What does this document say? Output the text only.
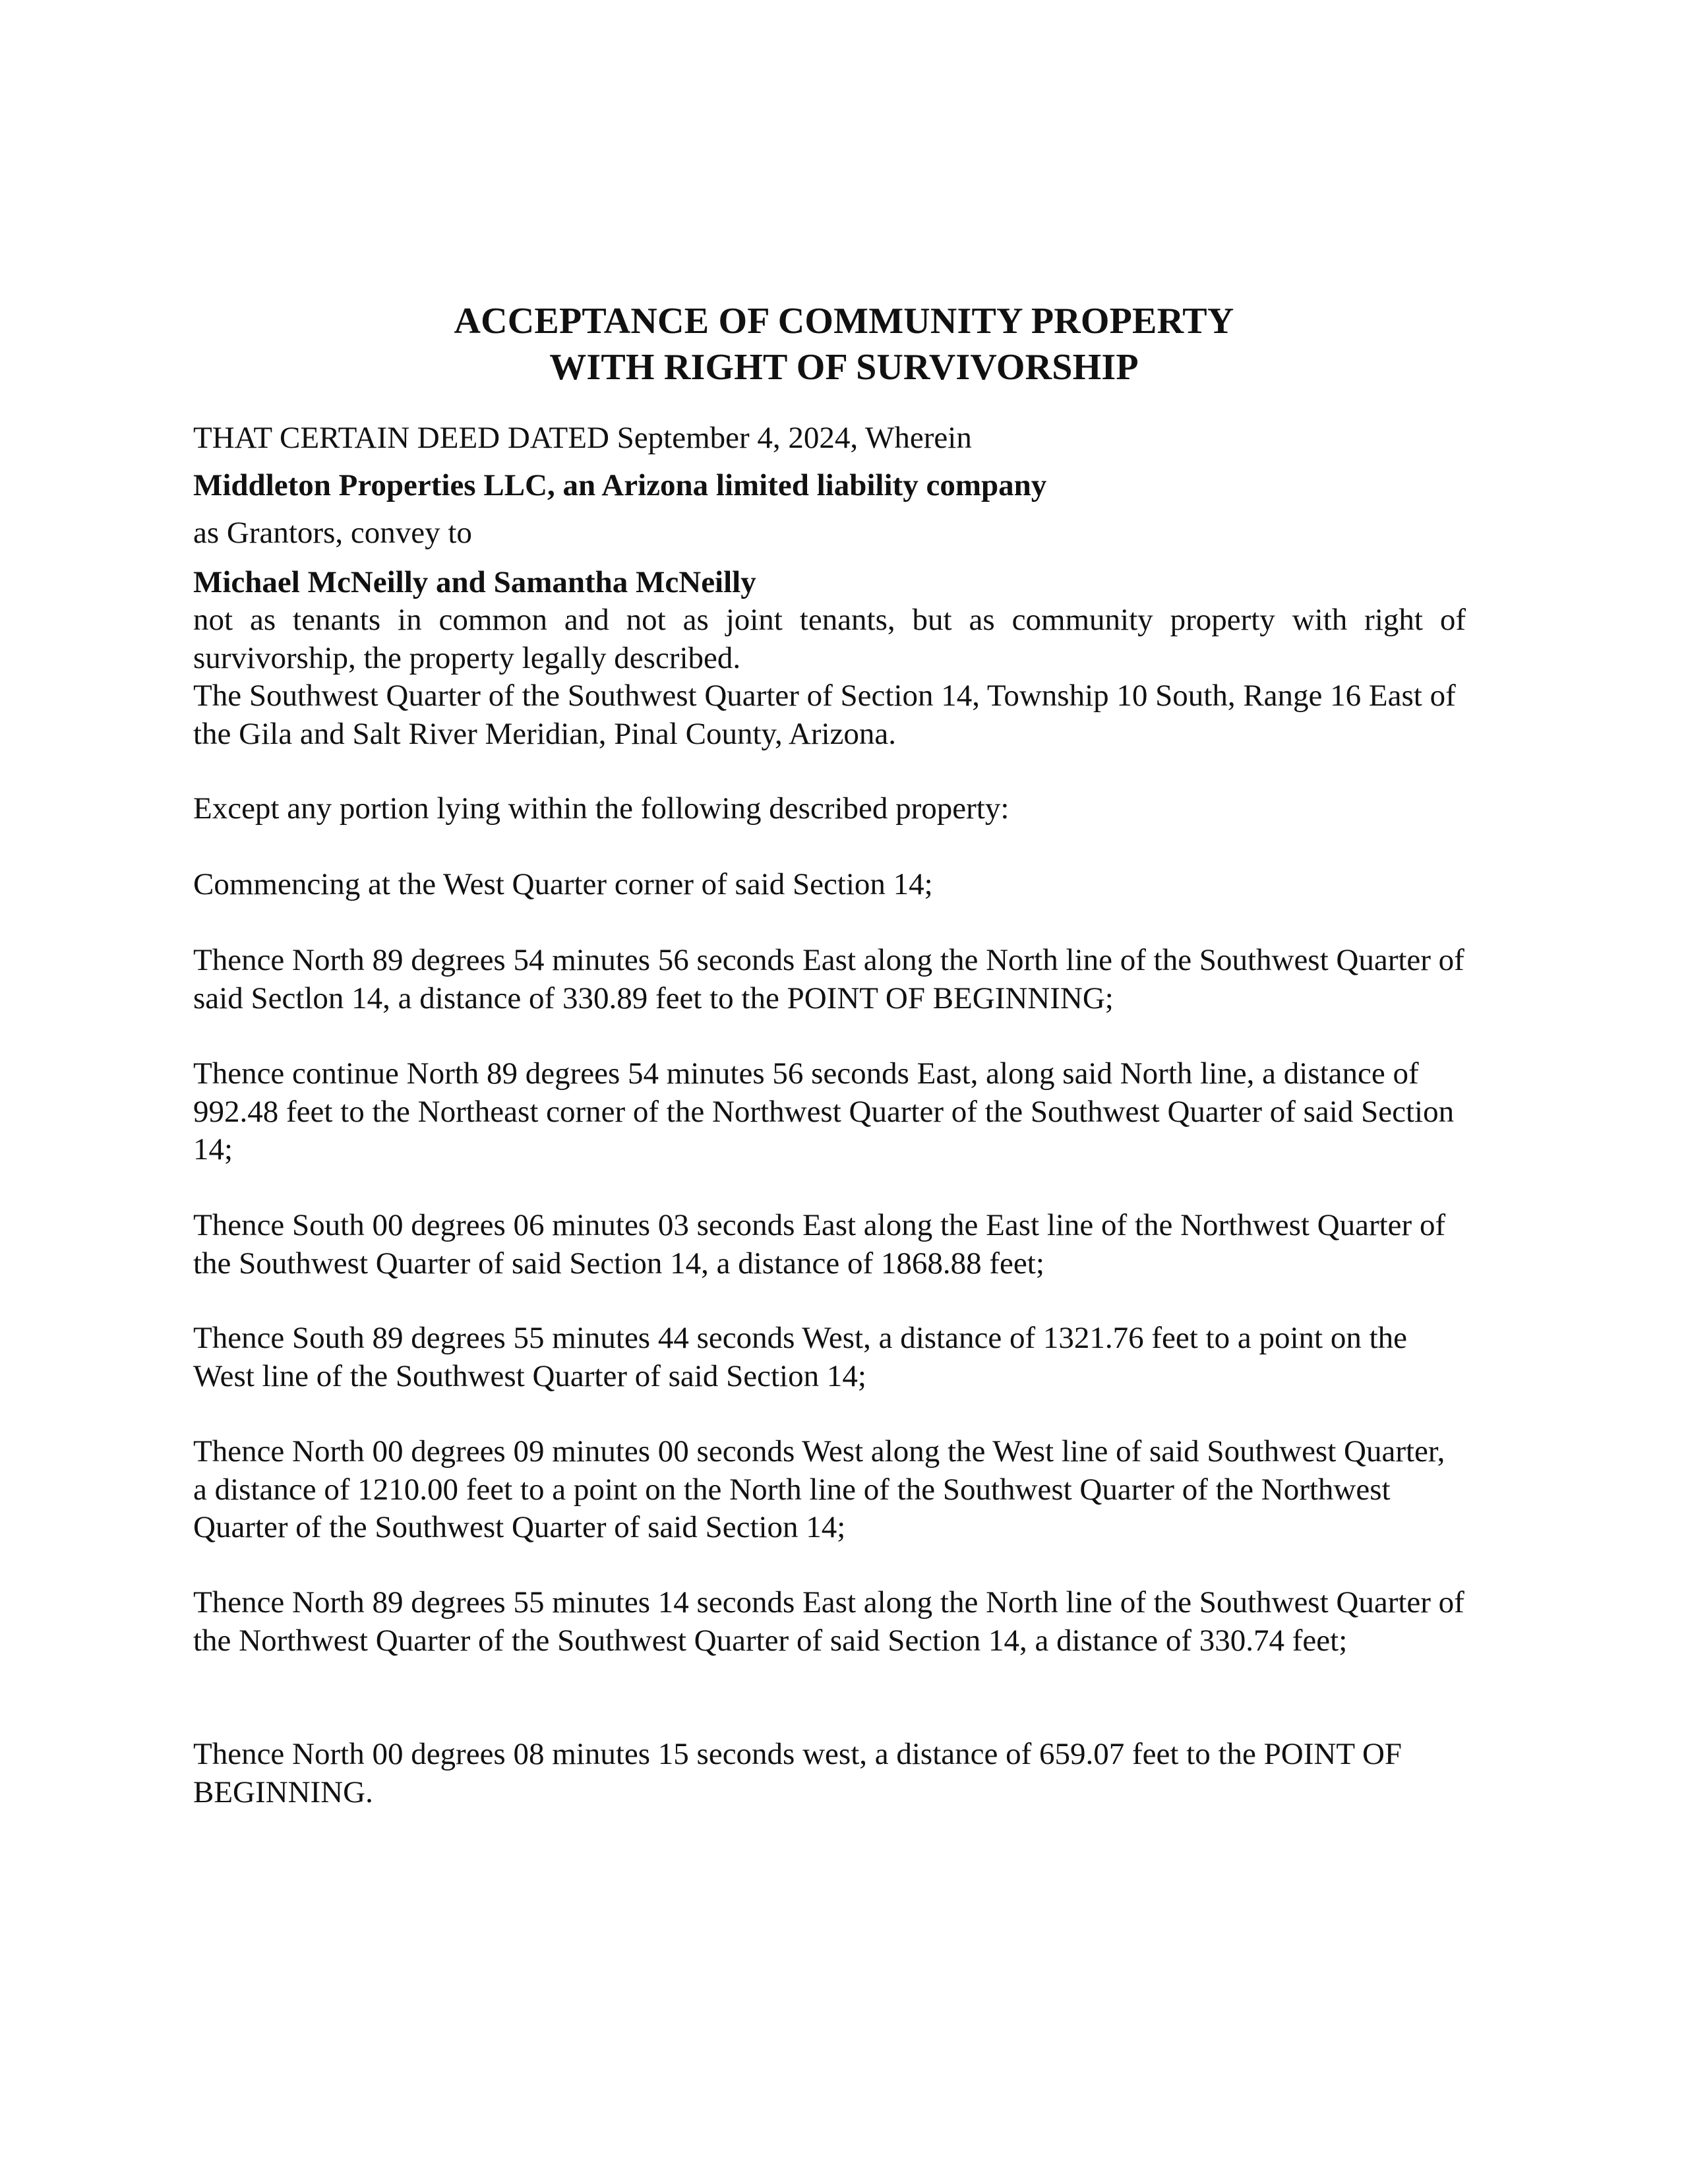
ACCEPTANCE OF COMMUNITY PROPERTY
WITH RIGHT OF SURVIVORSHIP
THAT CERTAIN DEED DATED September 4, 2024, Wherein
Middleton Properties LLC, an Arizona limited liability company
as Grantors, convey to
Michael McNeilly and Samantha McNeilly
not as tenants in common and not as joint tenants, but as community property with right of survivorship, the property legally described.
The Southwest Quarter of the Southwest Quarter of Section 14, Township 10 South, Range 16 East of the Gila and Salt River Meridian, Pinal County, Arizona.
Except any portion lying within the following described property:
Commencing at the West Quarter corner of said Section 14;
Thence North 89 degrees 54 minutes 56 seconds East along the North line of the Southwest Quarter of said Sectlon 14, a distance of 330.89 feet to the POINT OF BEGINNING;
Thence continue North 89 degrees 54 minutes 56 seconds East, along said North line, a distance of 992.48 feet to the Northeast corner of the Northwest Quarter of the Southwest Quarter of said Section 14;
Thence South 00 degrees 06 minutes 03 seconds East along the East line of the Northwest Quarter of the Southwest Quarter of said Section 14, a distance of 1868.88 feet;
Thence South 89 degrees 55 minutes 44 seconds West, a distance of 1321.76 feet to a point on the West line of the Southwest Quarter of said Section 14;
Thence North 00 degrees 09 minutes 00 seconds West along the West line of said Southwest Quarter, a distance of 1210.00 feet to a point on the North line of the Southwest Quarter of the Northwest Quarter of the Southwest Quarter of said Section 14;
Thence North 89 degrees 55 minutes 14 seconds East along the North line of the Southwest Quarter of the Northwest Quarter of the Southwest Quarter of said Section 14, a distance of 330.74 feet;
Thence North 00 degrees 08 minutes 15 seconds west, a distance of 659.07 feet to the POINT OF BEGINNING.
